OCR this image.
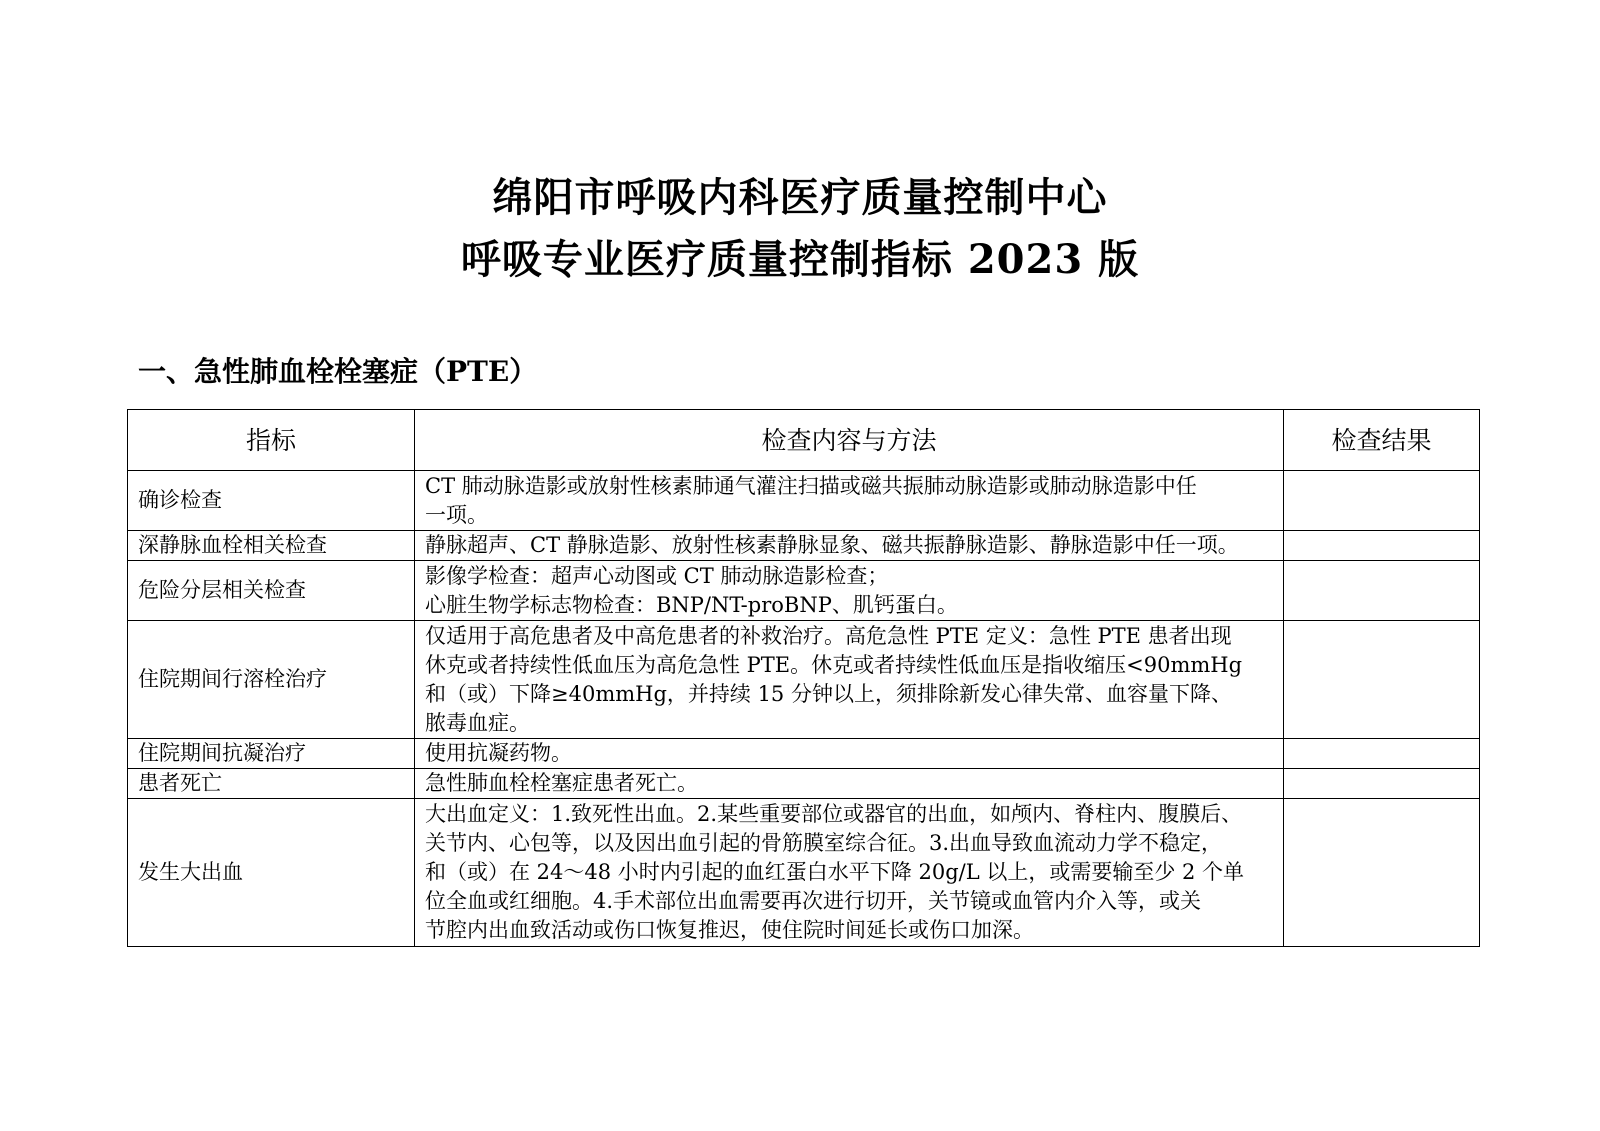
绵阳市呼吸内科医疗质量控制中心
呼吸专业医疗质量控制指标 2023 版
一、急性肺血栓栓塞症（PTE）
指标	检查内容与方法	检查结果
确诊检查	CT 肺动脉造影或放射性核素肺通气灌注扫描或磁共振肺动脉造影或肺动脉造影中任
一项。	

深静脉血栓相关检查	静脉超声、CT 静脉造影、放射性核素静脉显象、磁共振静脉造影、静脉造影中任一项。	

危险分层相关检查	影像学检查：超声心动图或 CT 肺动脉造影检查；
心脏生物学标志物检查：BNP/NT-proBNP、肌钙蛋白。	

住院期间行溶栓治疗	仅适用于高危患者及中高危患者的补救治疗。高危急性 PTE 定义：急性 PTE 患者出现
休克或者持续性低血压为高危急性 PTE。休克或者持续性低血压是指收缩压<90mmHg
和（或）下降≥40mmHg，并持续 15 分钟以上，须排除新发心律失常、血容量下降、
脓毒血症。	

住院期间抗凝治疗	使用抗凝药物。	

患者死亡	急性肺血栓栓塞症患者死亡。	

发生大出血	大出血定义：1.致死性出血。2.某些重要部位或器官的出血，如颅内、脊柱内、腹膜后、
关节内、心包等，以及因出血引起的骨筋膜室综合征。3.出血导致血流动力学不稳定，
和（或）在 24～48 小时内引起的血红蛋白水平下降 20g/L 以上，或需要输至少 2 个单
位全血或红细胞。4.手术部位出血需要再次进行切开，关节镜或血管内介入等，或关
节腔内出血致活动或伤口恢复推迟，使住院时间延长或伤口加深。	
